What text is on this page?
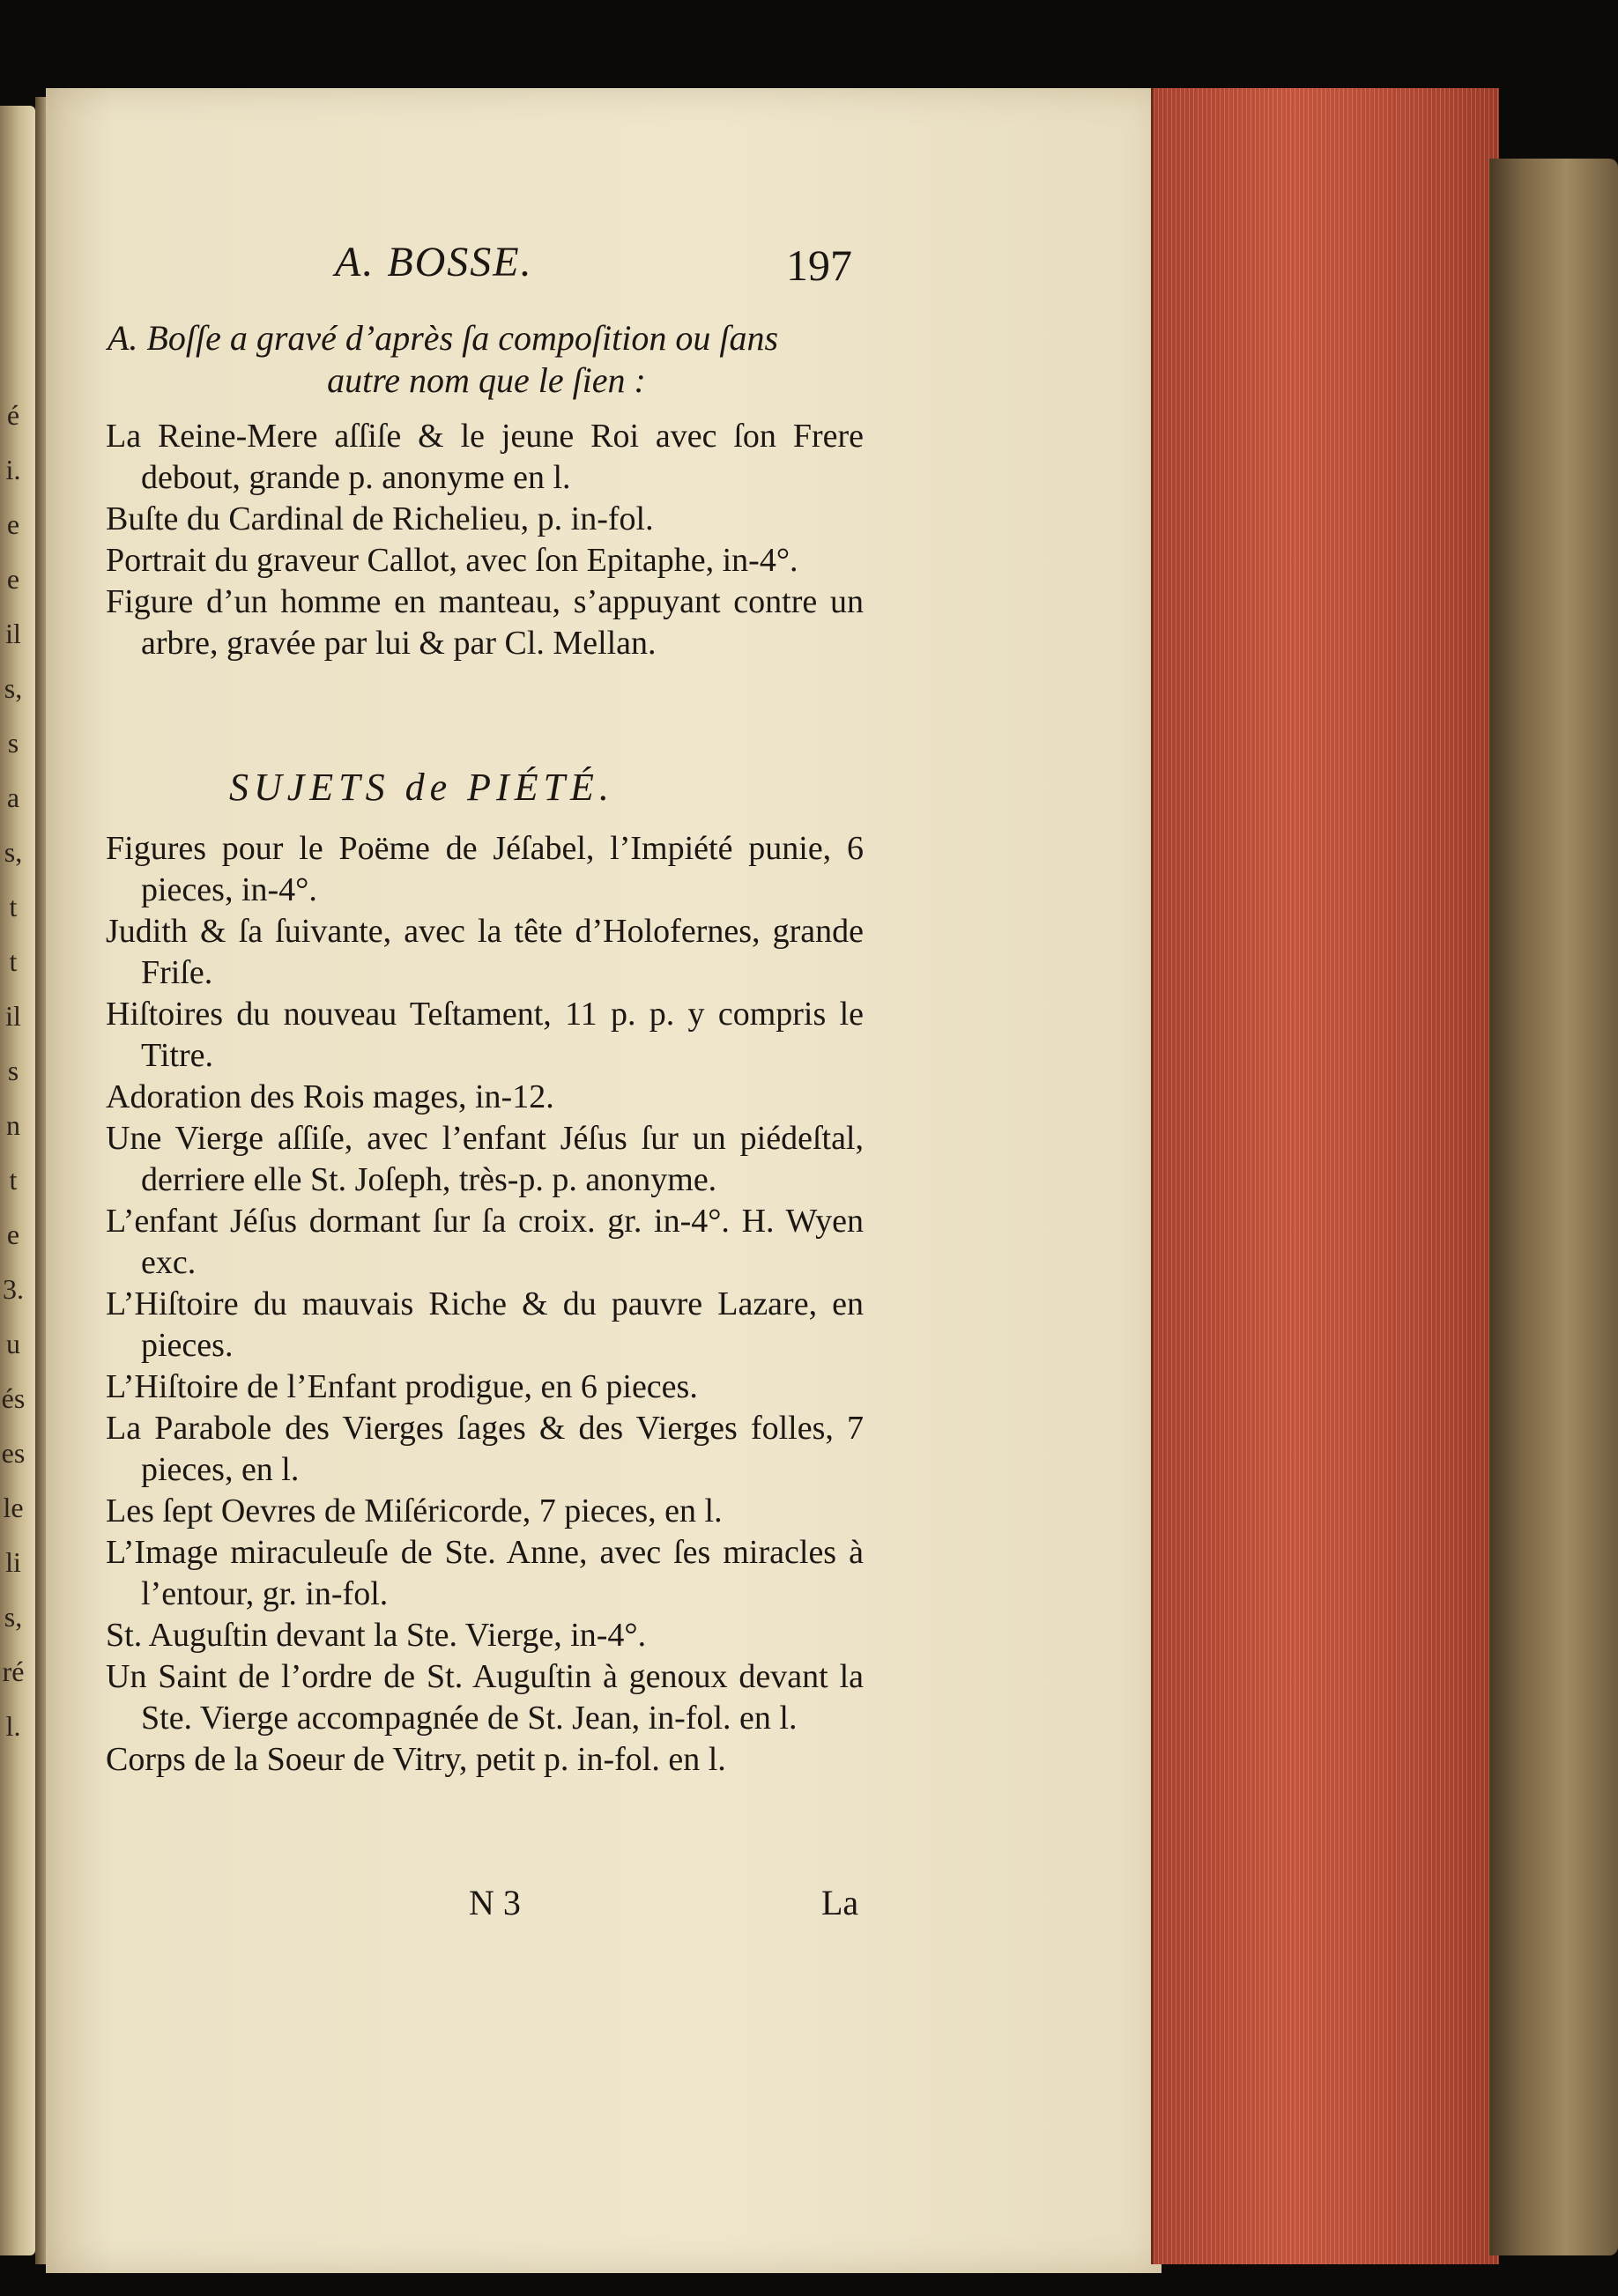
é
i.
e
e
il
s,
s
a
s,
t
t
il
s
n
t
e
3.
u
és
es
le
li
s,
ré
l.
A. BOSSE.	197
A. Boſſe a gravé d’après ſa compoſition ou ſans
autre nom que le ſien :

La Reine-Mere aſſiſe & le jeune Roi avec ſon Frere debout, grande p. anonyme en l.

Buſte du Cardinal de Richelieu, p. in-fol.

Portrait du graveur Callot, avec ſon Epitaphe, in-4°.

Figure d’un homme en manteau, s’appuyant contre un arbre, gravée par lui & par Cl. Mellan.

SUJETS de PIÉTÉ.

Figures pour le Poëme de Jéſabel, l’Impiété punie, 6 pieces, in-4°.

Judith & ſa ſuivante, avec la tête d’Holofernes, grande Friſe.

Hiſtoires du nouveau Teſtament, 11 p. p. y compris le Titre.

Adoration des Rois mages, in-12.

Une Vierge aſſiſe, avec l’enfant Jéſus ſur un piédeſtal, derriere elle St. Joſeph, très-p. p. anonyme.

L’enfant Jéſus dormant ſur ſa croix. gr. in-4°. H. Wyen exc.

L’Hiſtoire du mauvais Riche & du pauvre Lazare, en pieces.

L’Hiſtoire de l’Enfant prodigue, en 6 pieces.

La Parabole des Vierges ſages & des Vierges folles, 7 pieces, en l.

Les ſept Oevres de Miſéricorde, 7 pieces, en l.

L’Image miraculeuſe de Ste. Anne, avec ſes miracles à l’entour, gr. in-fol.

St. Auguſtin devant la Ste. Vierge, in-4°.

Un Saint de l’ordre de St. Auguſtin à genoux devant la Ste. Vierge accompagnée de St. Jean, in-fol. en l.

Corps de la Soeur de Vitry, petit p. in-fol. en l.

N 3	La
